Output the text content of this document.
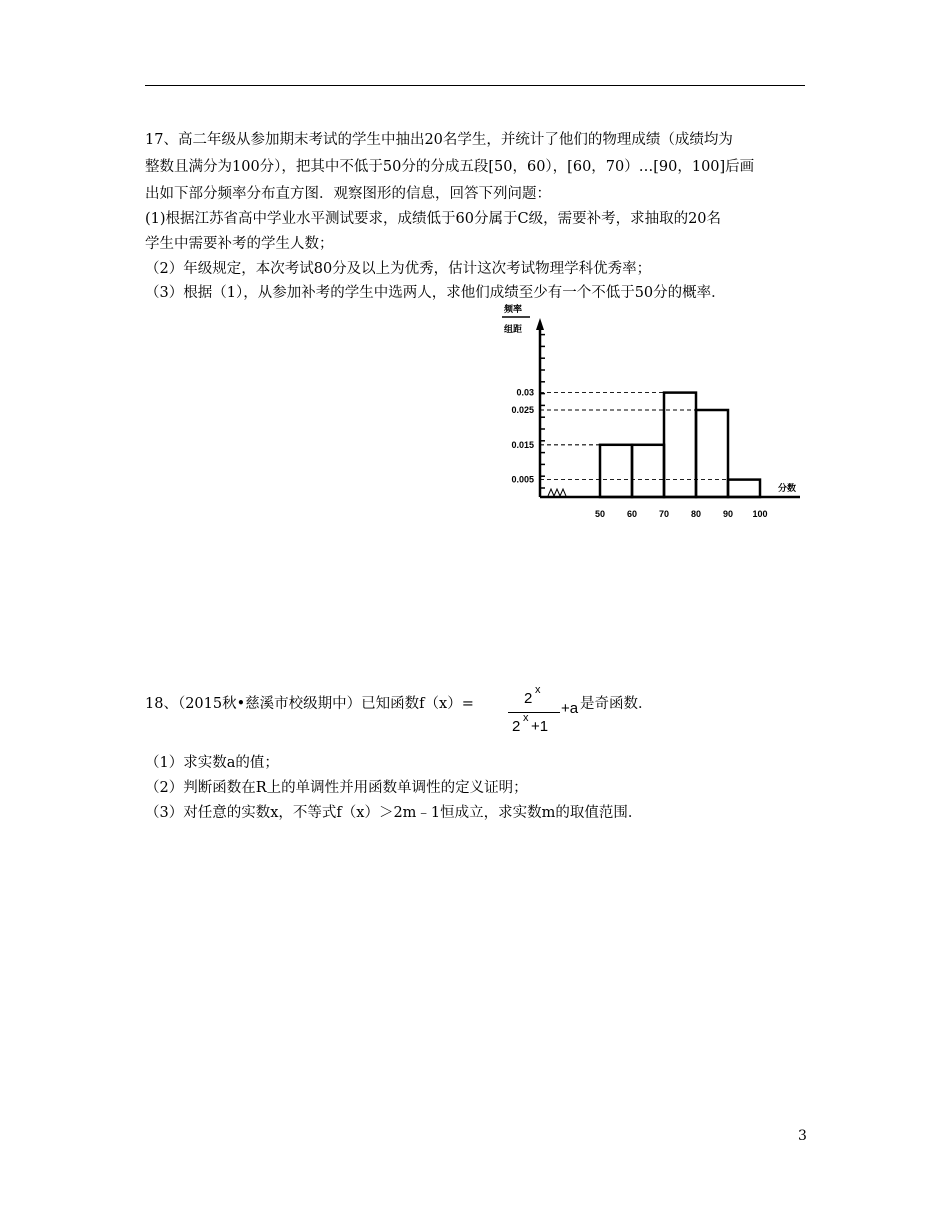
17、高二年级从参加期末考试的学生中抽出20名学生，并统计了他们的物理成绩（成绩均为
整数且满分为100分），把其中不低于50分的分成五段[50，60），[60，70）…[90，100]后画
出如下部分频率分布直方图．观察图形的信息，回答下列问题：
(1)根据江苏省高中学业水平测试要求，成绩低于60分属于C级，需要补考，求抽取的20名
学生中需要补考的学生人数；
（2）年级规定，本次考试80分及以上为优秀，估计这次考试物理学科优秀率；
（3）根据（1），从参加补考的学生中选两人，求他们成绩至少有一个不低于50分的概率．
频率
组距
0.03
0.025
0.015
0.005
50 60 70 80 90 100
分数
18、（2015秋•慈溪市校级期中）已知函数f（x）=	2 x
2 x +1
+a 是奇函数．
（1）求实数a的值；
（2）判断函数在R上的单调性并用函数单调性的定义证明；
（3）对任意的实数x，不等式f（x）＞2m﹣1恒成立，求实数m的取值范围．
3
